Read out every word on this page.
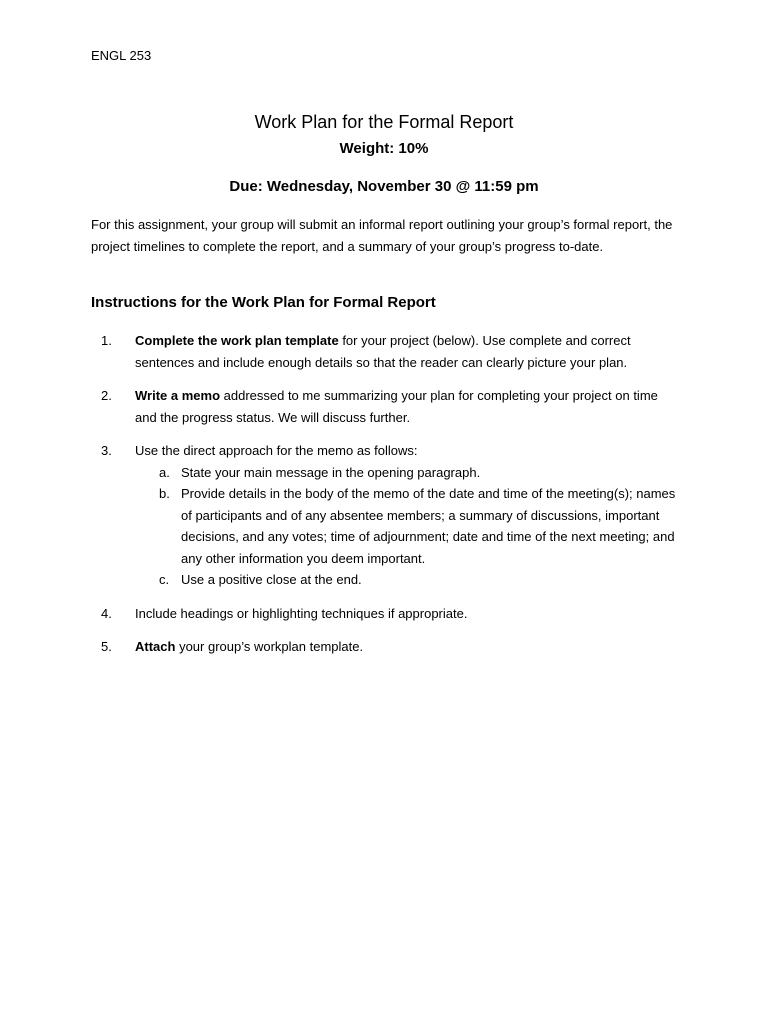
ENGL 253
Work Plan for the Formal Report
Weight: 10%
Due: Wednesday, November 30 @ 11:59 pm

For this assignment, your group will submit an informal report outlining your group’s formal report, the project timelines to complete the report, and a summary of your group’s progress to-date.

Instructions for the Work Plan for Formal Report
1. Complete the work plan template for your project (below). Use complete and correct sentences and include enough details so that the reader can clearly picture your plan.
2. Write a memo addressed to me summarizing your plan for completing your project on time and the progress status. We will discuss further.
3. Use the direct approach for the memo as follows:
a. State your main message in the opening paragraph.
b. Provide details in the body of the memo of the date and time of the meeting(s); names of participants and of any absentee members; a summary of discussions, important decisions, and any votes; time of adjournment; date and time of the next meeting; and any other information you deem important.
c. Use a positive close at the end.
4. Include headings or highlighting techniques if appropriate.
5. Attach your group’s workplan template.
